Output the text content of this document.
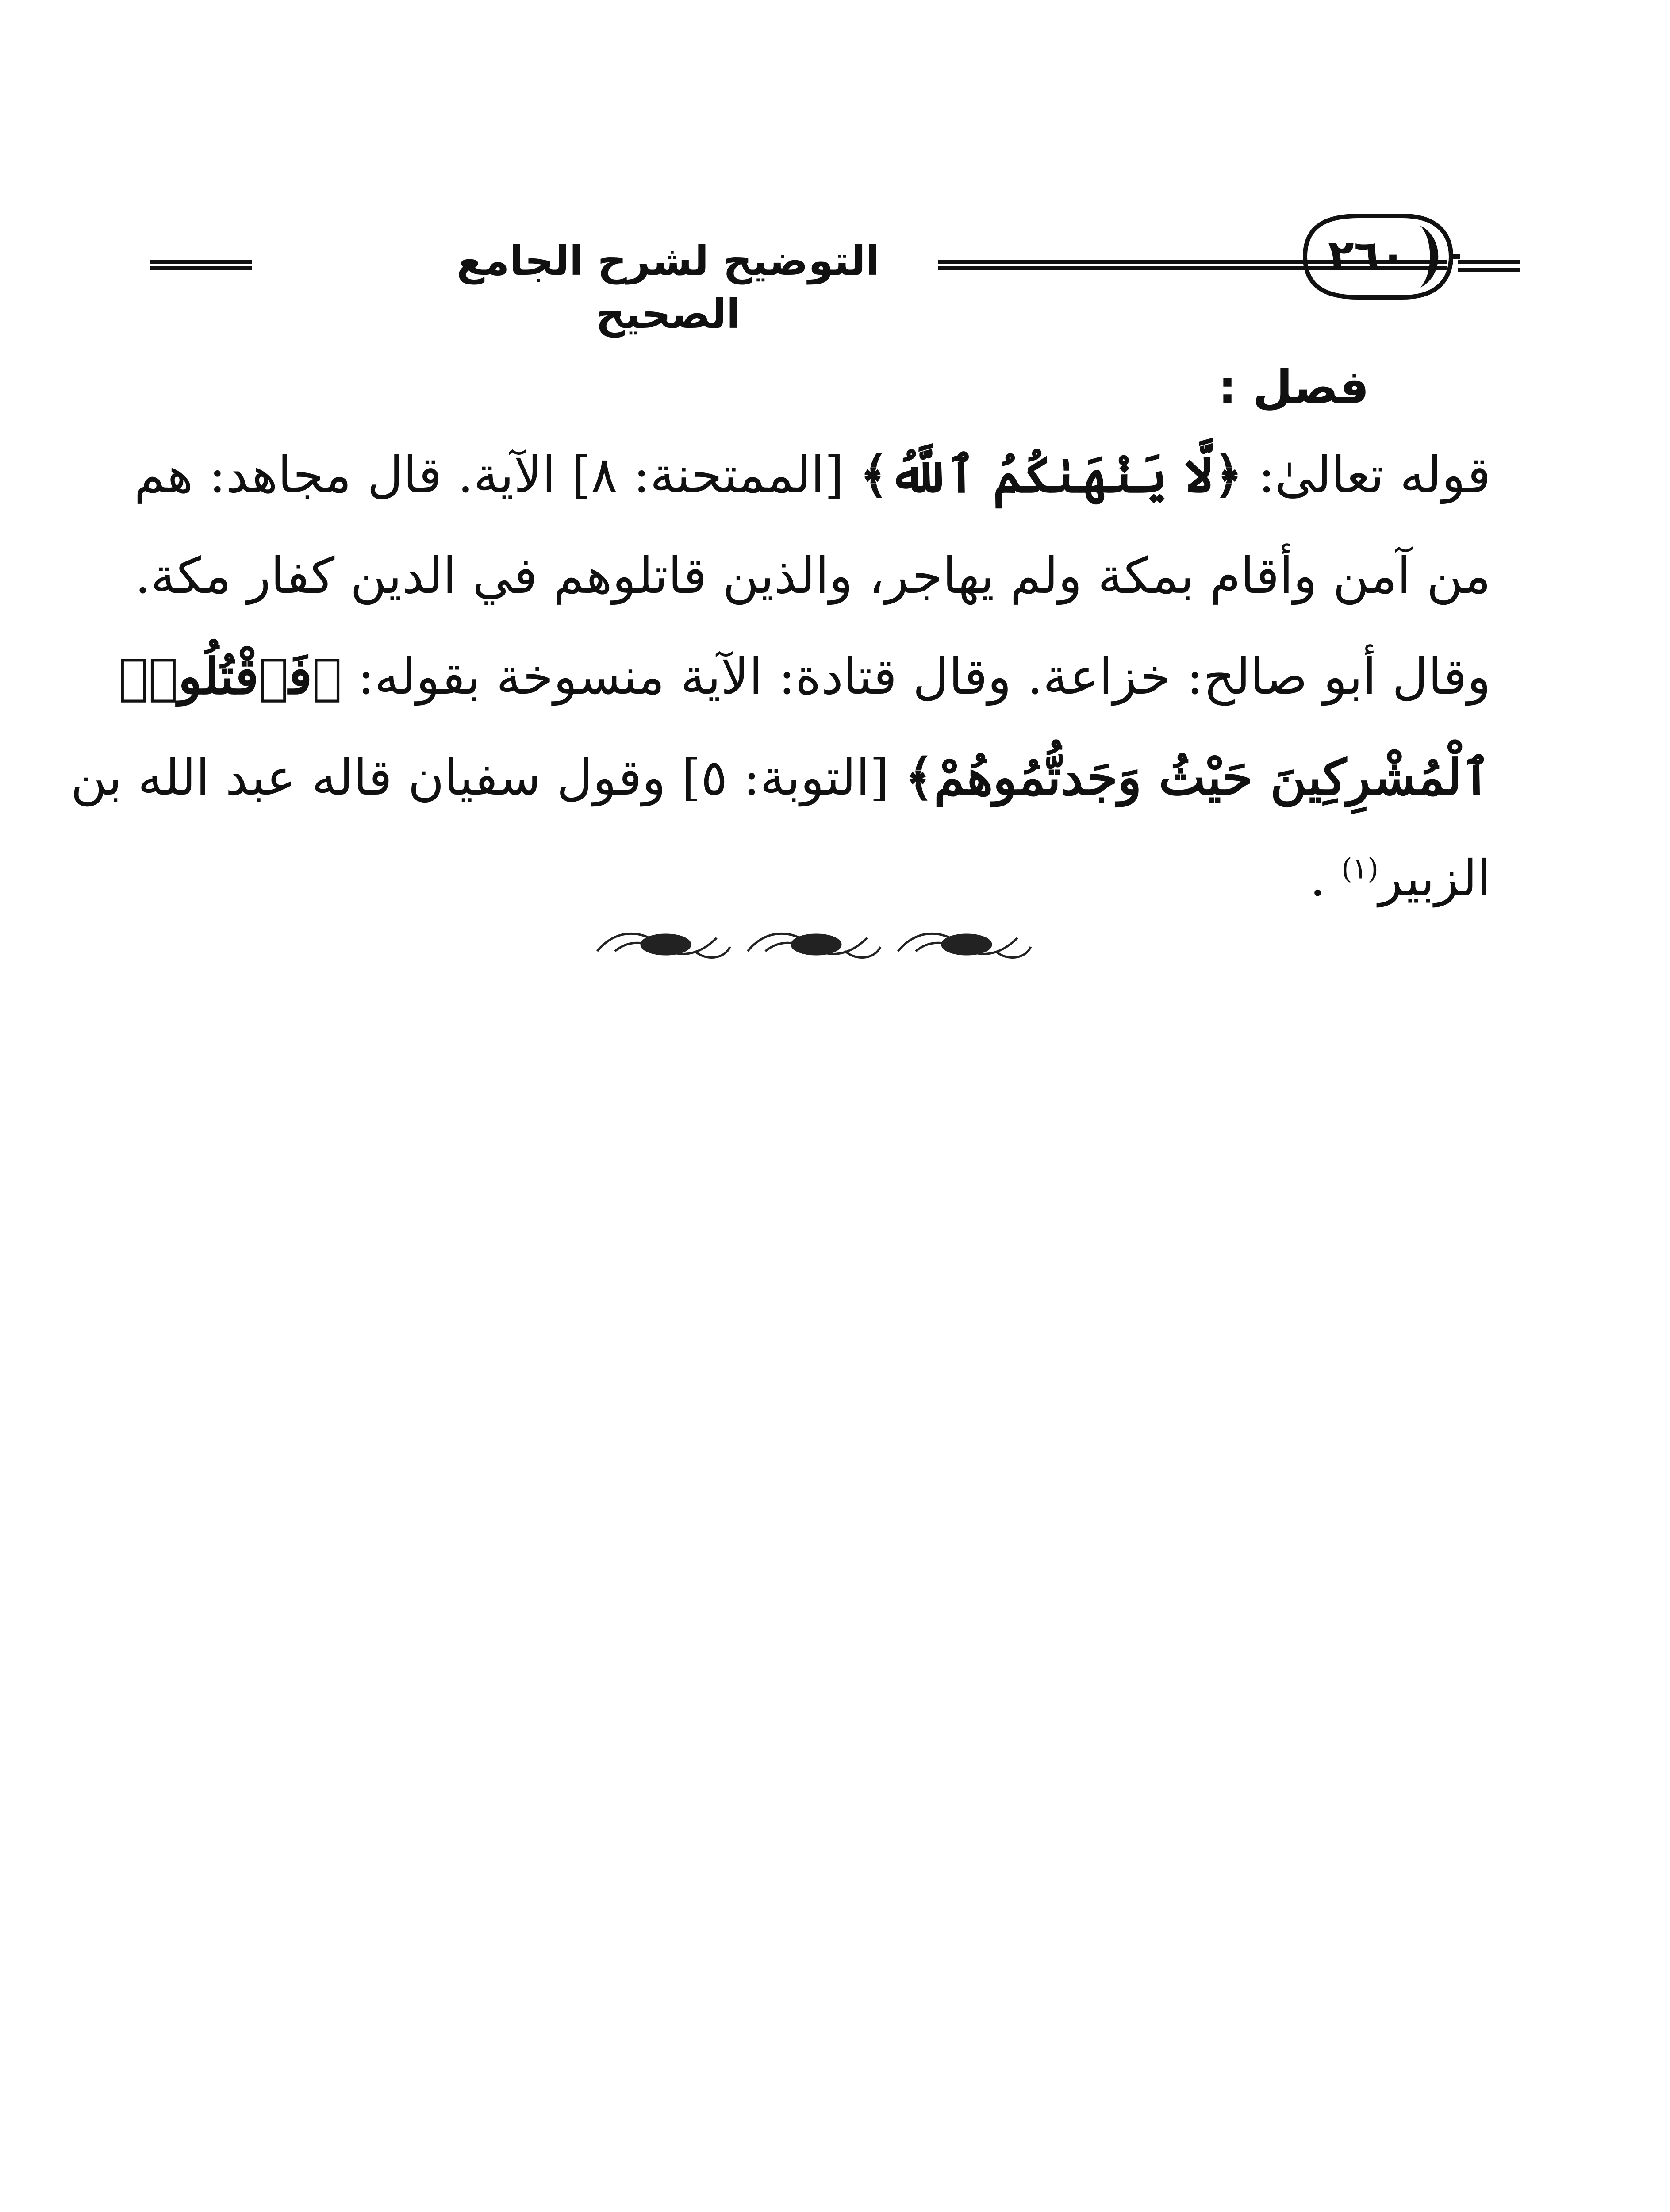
التوضيح لشرح الجامع الصحيح
٢٦٠
فصل :
قوله تعالىٰ: ﴿لَّا يَنْهَىٰكُمُ ٱللَّهُ﴾ [الممتحنة: ٨] الآية. قال مجاهد: هم
من آمن وأقام بمكة ولم يهاجر، والذين قاتلوهم في الدين كفار مكة.
وقال أبو صالح: خزاعة. وقال قتادة: الآية منسوخة بقوله: ﴿فَٱقْتُلُوا۟
ٱلْمُشْرِكِينَ حَيْثُ وَجَدتُّمُوهُمْ﴾ [التوبة: ٥] وقول سفيان قاله عبد الله بن
الزبير$^{(١)}$ .
